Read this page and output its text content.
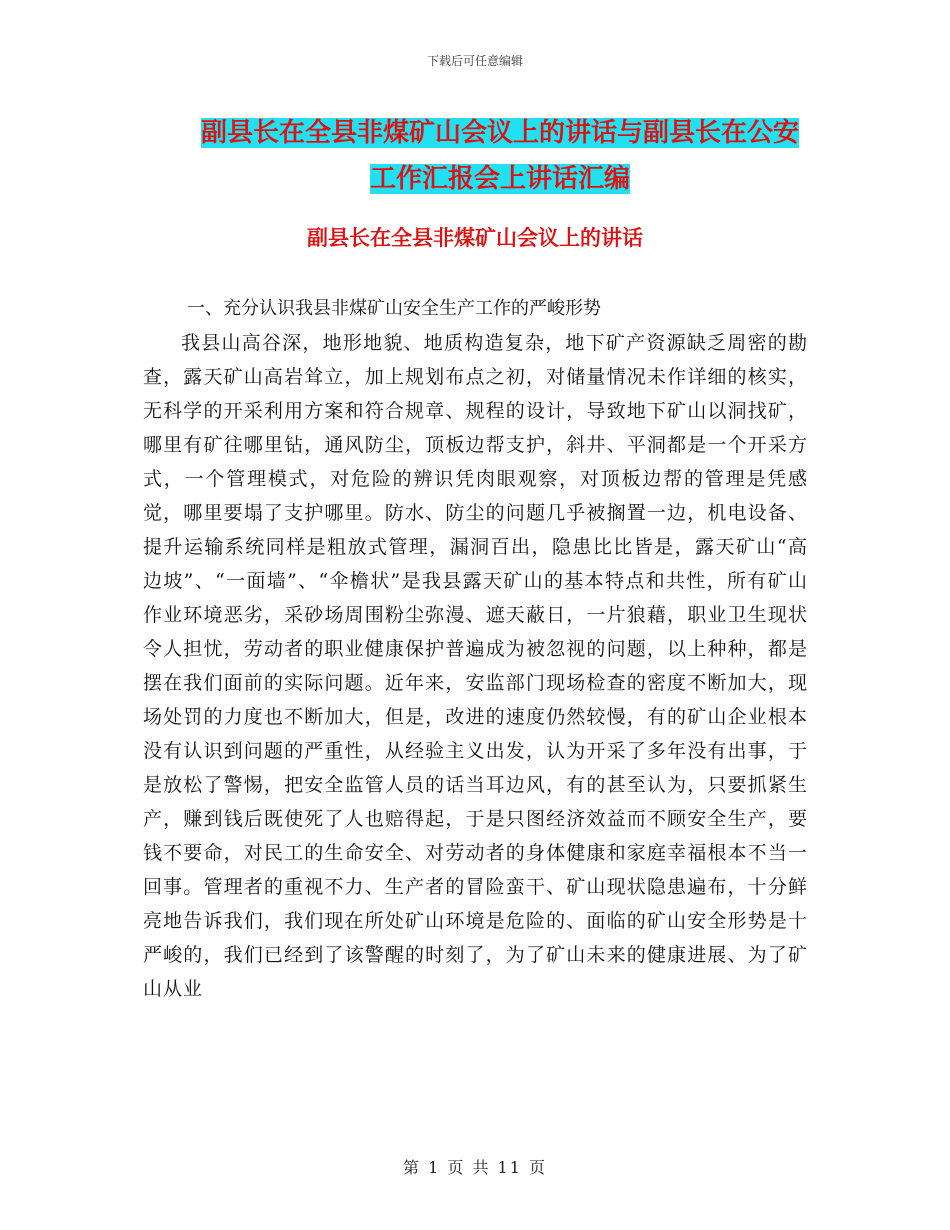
下载后可任意编辑
副县长在全县非煤矿山会议上的讲话与副县长在公安
工作汇报会上讲话汇编
副县长在全县非煤矿山会议上的讲话

一、充分认识我县非煤矿山安全生产工作的严峻形势

我县山高谷深，地形地貌、地质构造复杂，地下矿产资源缺乏周密的勘查，露天矿山高岩耸立，加上规划布点之初，对储量情况未作详细的核实，无科学的开采利用方案和符合规章、规程的设计，导致地下矿山以洞找矿，哪里有矿往哪里钻，通风防尘，顶板边帮支护，斜井、平洞都是一个开采方式，一个管理模式，对危险的辨识凭肉眼观察，对顶板边帮的管理是凭感觉，哪里要塌了支护哪里。防水、防尘的问题几乎被搁置一边，机电设备、提升运输系统同样是粗放式管理，漏洞百出，隐患比比皆是，露天矿山“高边坡”、“一面墙”、“伞檐状”是我县露天矿山的基本特点和共性，所有矿山作业环境恶劣，采砂场周围粉尘弥漫、遮天蔽日，一片狼藉，职业卫生现状令人担忧，劳动者的职业健康保护普遍成为被忽视的问题，以上种种，都是摆在我们面前的实际问题。近年来，安监部门现场检查的密度不断加大，现场处罚的力度也不断加大，但是，改进的速度仍然较慢，有的矿山企业根本没有认识到问题的严重性，从经验主义出发，认为开采了多年没有出事，于是放松了警惕，把安全监管人员的话当耳边风，有的甚至认为，只要抓紧生产，赚到钱后既使死了人也赔得起，于是只图经济效益而不顾安全生产，要钱不要命，对民工的生命安全、对劳动者的身体健康和家庭幸福根本不当一回事。管理者的重视不力、生产者的冒险蛮干、矿山现状隐患遍布，十分鲜亮地告诉我们，我们现在所处矿山环境是危险的、面临的矿山安全形势是十严峻的，我们已经到了该警醒的时刻了，为了矿山未来的健康进展、为了矿山从业

第 1 页 共 11 页
